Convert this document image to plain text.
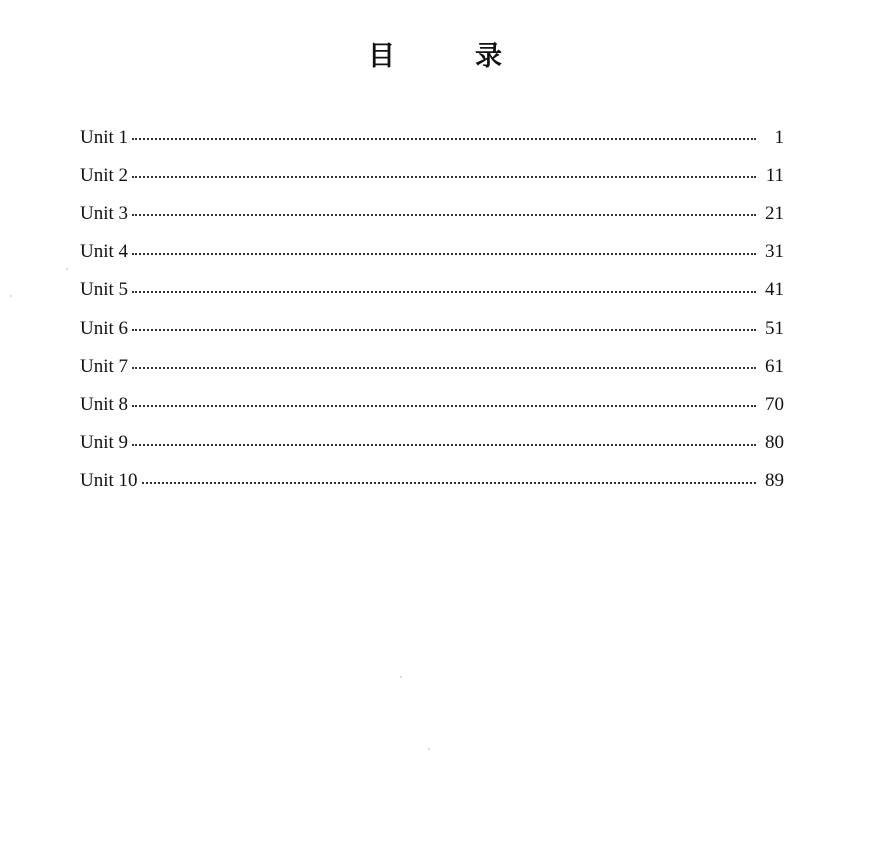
目	录
Unit 1	1
Unit 2	11
Unit 3	21
Unit 4	31
Unit 5	41
Unit 6	51
Unit 7	61
Unit 8	70
Unit 9	80
Unit 10	89
